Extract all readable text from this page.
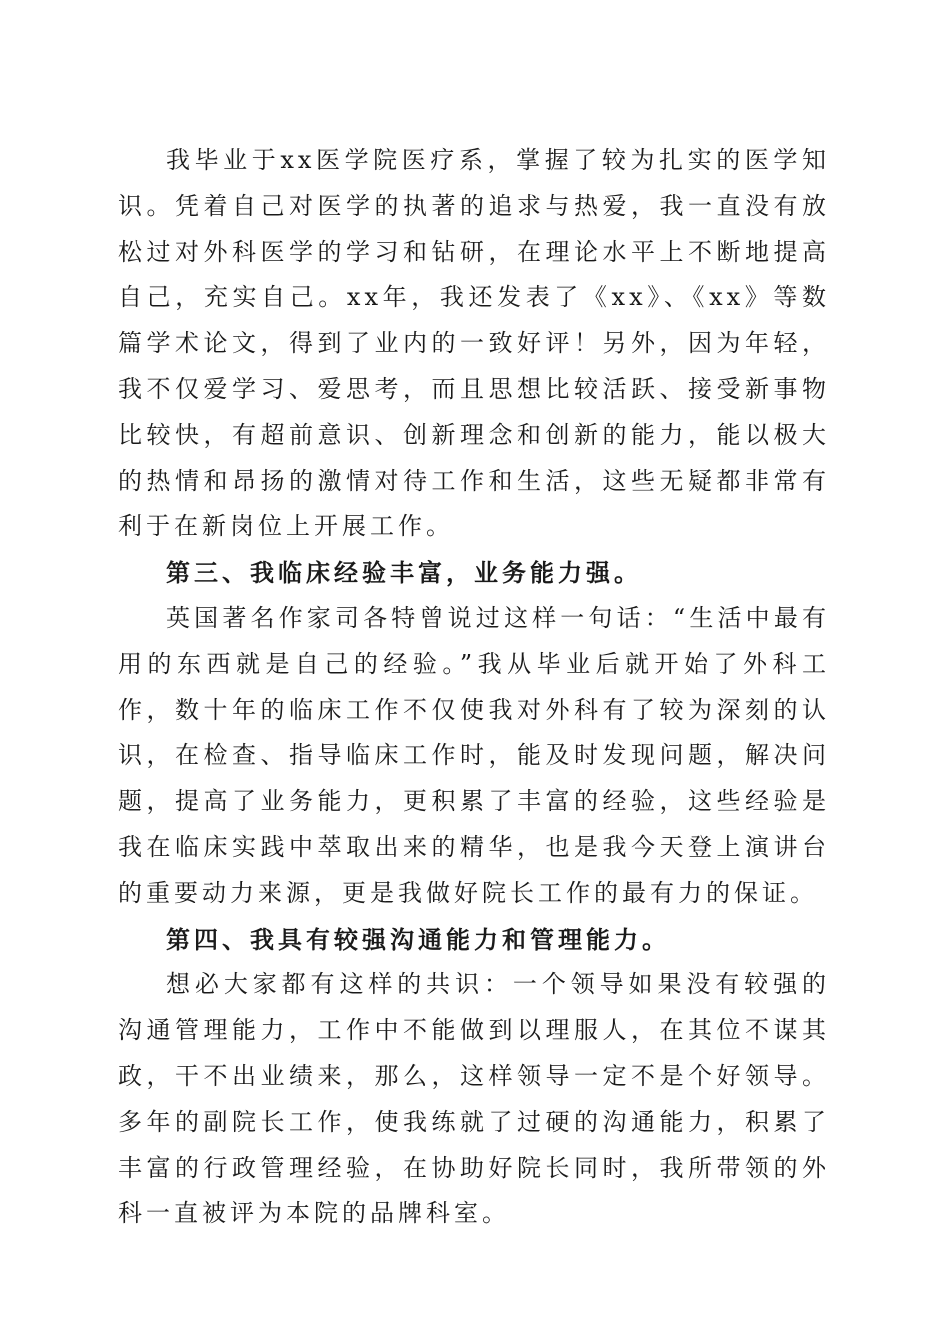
我毕业于xx医学院医疗系，掌握了较为扎实的医学知识。凭着自己对医学的执著的追求与热爱，我一直没有放松过对外科医学的学习和钻研，在理论水平上不断地提高自己，充实自己。xx年，我还发表了《xx》、《xx》等数篇学术论文，得到了业内的一致好评！另外，因为年轻，我不仅爱学习、爱思考，而且思想比较活跃、接受新事物比较快，有超前意识、创新理念和创新的能力，能以极大的热情和昂扬的激情对待工作和生活，这些无疑都非常有利于在新岗位上开展工作。

第三、我临床经验丰富，业务能力强。

英国著名作家司各特曾说过这样一句话：“生活中最有用的东西就是自己的经验。”我从毕业后就开始了外科工作，数十年的临床工作不仅使我对外科有了较为深刻的认识，在检查、指导临床工作时，能及时发现问题，解决问题，提高了业务能力，更积累了丰富的经验，这些经验是我在临床实践中萃取出来的精华，也是我今天登上演讲台的重要动力来源，更是我做好院长工作的最有力的保证。

第四、我具有较强沟通能力和管理能力。

想必大家都有这样的共识：一个领导如果没有较强的沟通管理能力，工作中不能做到以理服人，在其位不谋其政，干不出业绩来，那么，这样领导一定不是个好领导。多年的副院长工作，使我练就了过硬的沟通能力，积累了丰富的行政管理经验，在协助好院长同时，我所带领的外科一直被评为本院的品牌科室。
